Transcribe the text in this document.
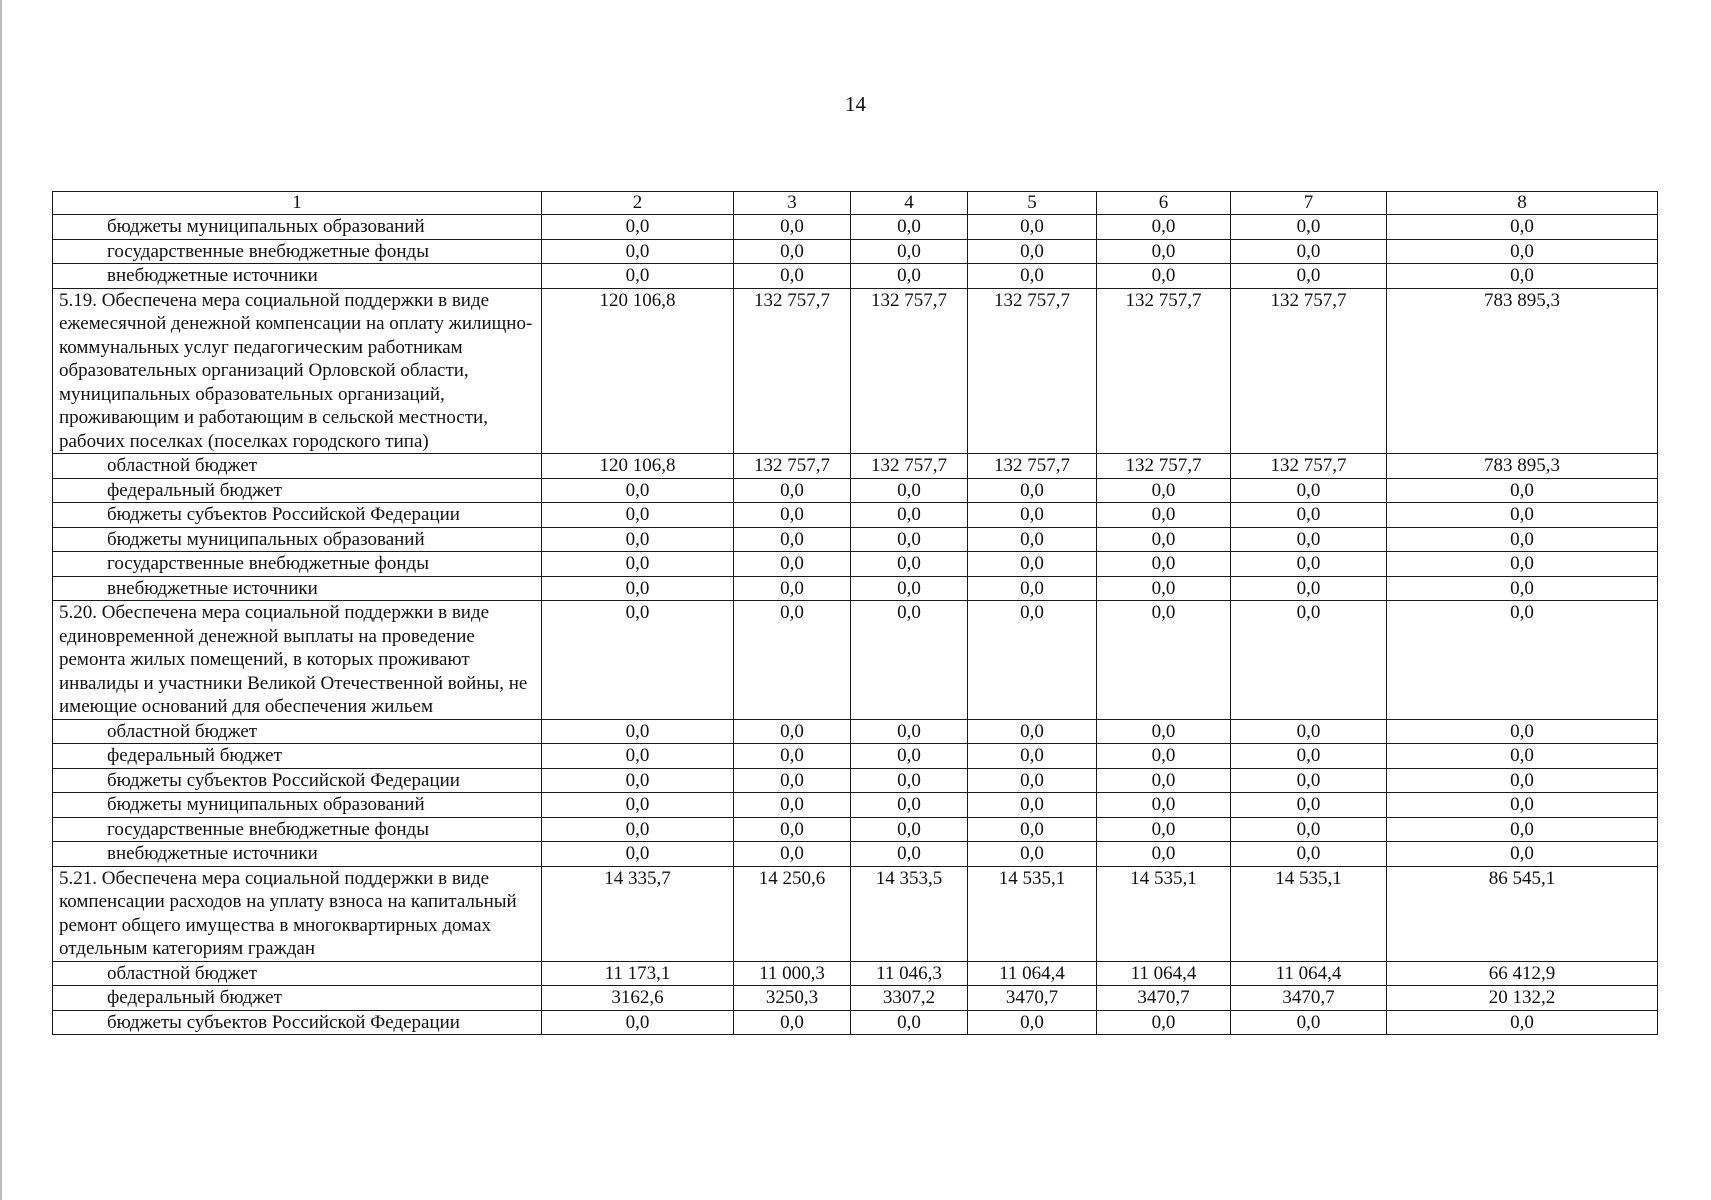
14
1	2	3	4	5	6	7	8
бюджеты муниципальных образований	0,0	0,0	0,0	0,0	0,0	0,0	0,0
государственные внебюджетные фонды	0,0	0,0	0,0	0,0	0,0	0,0	0,0
внебюджетные источники	0,0	0,0	0,0	0,0	0,0	0,0	0,0
5.19. Обеспечена мера социальной поддержки в виде ежемесячной денежной компенсации на оплату жилищно-коммунальных услуг педагогическим работникам образовательных организаций Орловской области, муниципальных образовательных организаций, проживающим и работающим в сельской местности, рабочих поселках (поселках городского типа)	120 106,8	132 757,7	132 757,7	132 757,7	132 757,7	132 757,7	783 895,3
областной бюджет	120 106,8	132 757,7	132 757,7	132 757,7	132 757,7	132 757,7	783 895,3
федеральный бюджет	0,0	0,0	0,0	0,0	0,0	0,0	0,0
бюджеты субъектов Российской Федерации	0,0	0,0	0,0	0,0	0,0	0,0	0,0
бюджеты муниципальных образований	0,0	0,0	0,0	0,0	0,0	0,0	0,0
государственные внебюджетные фонды	0,0	0,0	0,0	0,0	0,0	0,0	0,0
внебюджетные источники	0,0	0,0	0,0	0,0	0,0	0,0	0,0
5.20. Обеспечена мера социальной поддержки в виде единовременной денежной выплаты на проведение ремонта жилых помещений, в которых проживают инвалиды и участники Великой Отечественной войны, не имеющие оснований для обеспечения жильем	0,0	0,0	0,0	0,0	0,0	0,0	0,0
областной бюджет	0,0	0,0	0,0	0,0	0,0	0,0	0,0
федеральный бюджет	0,0	0,0	0,0	0,0	0,0	0,0	0,0
бюджеты субъектов Российской Федерации	0,0	0,0	0,0	0,0	0,0	0,0	0,0
бюджеты муниципальных образований	0,0	0,0	0,0	0,0	0,0	0,0	0,0
государственные внебюджетные фонды	0,0	0,0	0,0	0,0	0,0	0,0	0,0
внебюджетные источники	0,0	0,0	0,0	0,0	0,0	0,0	0,0
5.21. Обеспечена мера социальной поддержки в виде компенсации расходов на уплату взноса на капитальный ремонт общего имущества в многоквартирных домах отдельным категориям граждан	14 335,7	14 250,6	14 353,5	14 535,1	14 535,1	14 535,1	86 545,1
областной бюджет	11 173,1	11 000,3	11 046,3	11 064,4	11 064,4	11 064,4	66 412,9
федеральный бюджет	3162,6	3250,3	3307,2	3470,7	3470,7	3470,7	20 132,2
бюджеты субъектов Российской Федерации	0,0	0,0	0,0	0,0	0,0	0,0	0,0
